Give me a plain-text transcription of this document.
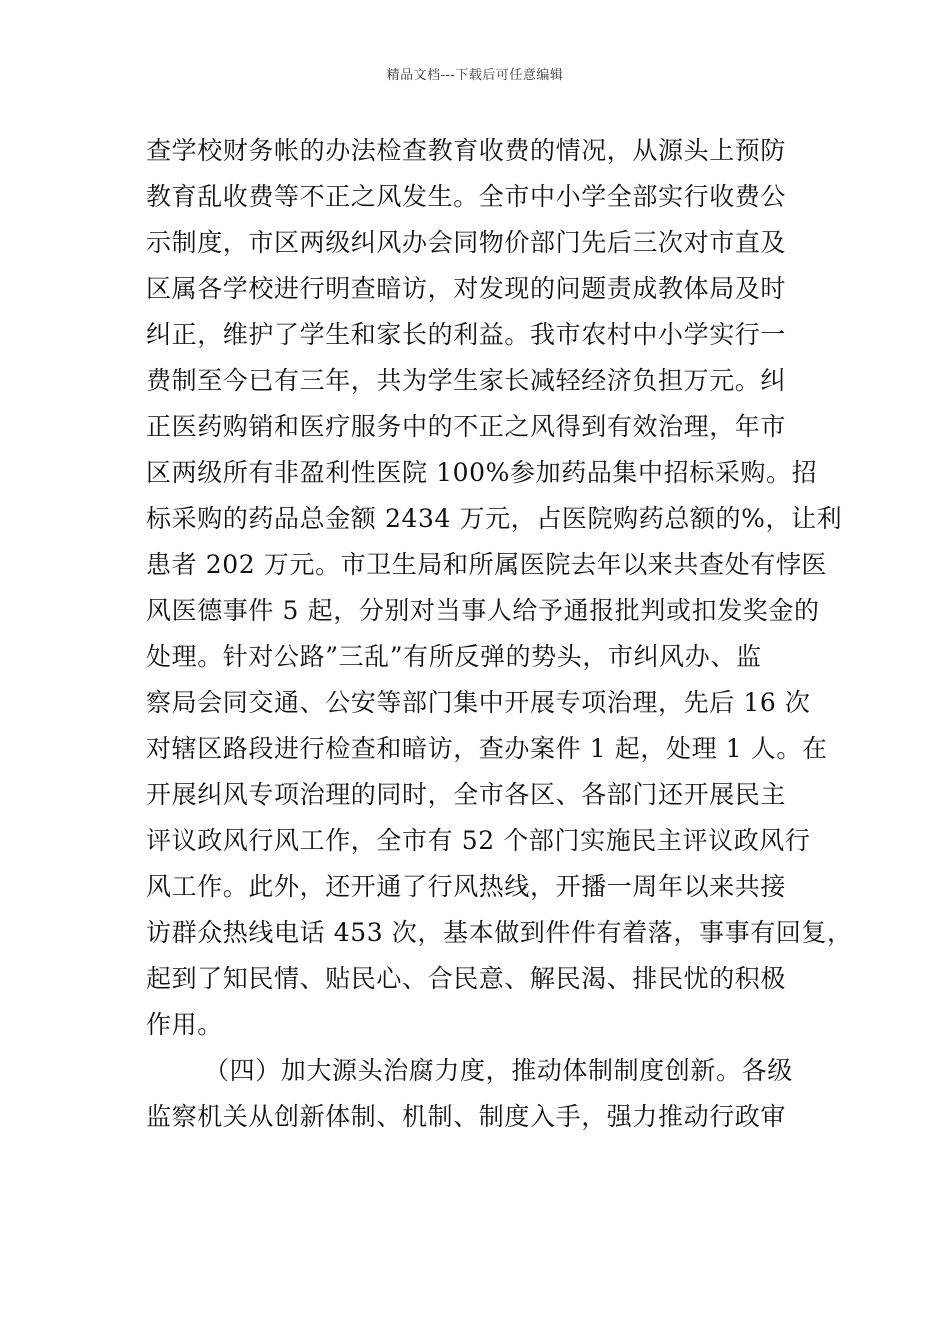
精品文档---下载后可任意编辑
查学校财务帐的办法检查教育收费的情况，从源头上预防
教育乱收费等不正之风发生。全市中小学全部实行收费公
示制度，市区两级纠风办会同物价部门先后三次对市直及
区属各学校进行明查暗访，对发现的问题责成教体局及时
纠正，维护了学生和家长的利益。我市农村中小学实行一
费制至今已有三年，共为学生家长减轻经济负担万元。纠
正医药购销和医疗服务中的不正之风得到有效治理，年市
区两级所有非盈利性医院 100%参加药品集中招标采购。招
标采购的药品总金额 2434 万元，占医院购药总额的%，让利
患者 202 万元。市卫生局和所属医院去年以来共查处有悖医
风医德事件 5 起，分别对当事人给予通报批判或扣发奖金的
处理。针对公路”三乱”有所反弹的势头，市纠风办、监
察局会同交通、公安等部门集中开展专项治理，先后 16 次
对辖区路段进行检查和暗访，查办案件 1 起，处理 1 人。在
开展纠风专项治理的同时，全市各区、各部门还开展民主
评议政风行风工作，全市有 52 个部门实施民主评议政风行
风工作。此外，还开通了行风热线，开播一周年以来共接
访群众热线电话 453 次，基本做到件件有着落，事事有回复，
起到了知民情、贴民心、合民意、解民渴、排民忧的积极
作用。
（四）加大源头治腐力度，推动体制制度创新。各级
监察机关从创新体制、机制、制度入手，强力推动行政审
